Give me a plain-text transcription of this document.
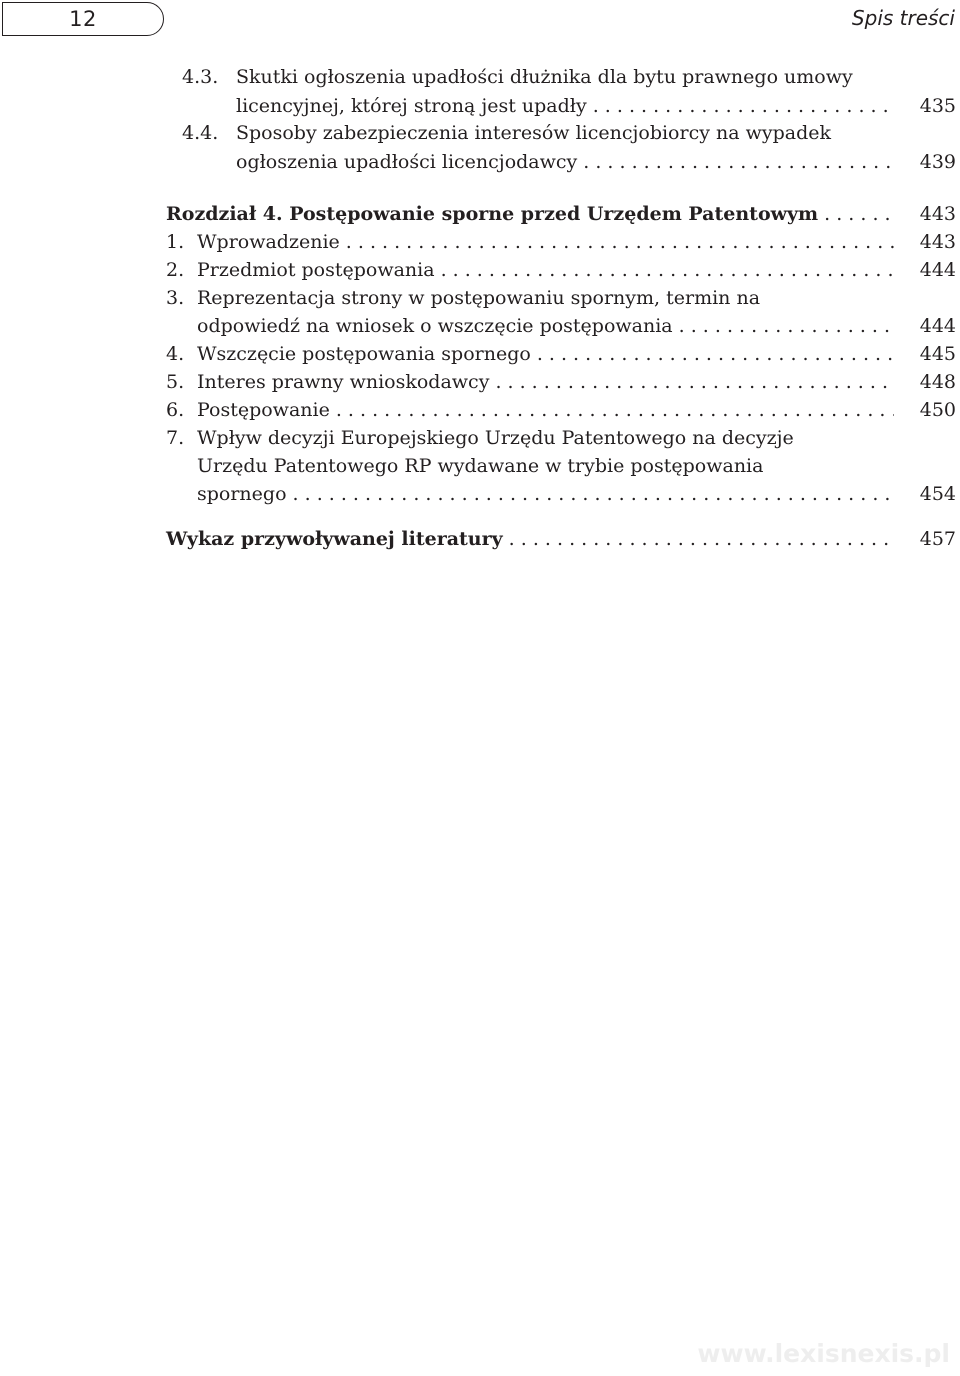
12	Spis treści
4.3. Skutki ogłoszenia upadłości dłużnika dla bytu prawnego umowy
licencyjnej, której stroną jest upadły . . .	435
4.4. Sposoby zabezpieczenia interesów licencjobiorcy na wypadek
ogłoszenia upadłości licencjodawcy . . .	439
Rozdział 4. Postępowanie sporne przed Urzędem Patentowym . . .	443
1. Wprowadzenie . . .	443
2. Przedmiot postępowania . . .	444
3. Reprezentacja strony w postępowaniu spornym, termin na
odpowiedź na wniosek o wszczęcie postępowania . . .	444
4. Wszczęcie postępowania spornego . . .	445
5. Interes prawny wnioskodawcy . . .	448
6. Postępowanie . . .	450
7. Wpływ decyzji Europejskiego Urzędu Patentowego na decyzje
Urzędu Patentowego RP wydawane w trybie postępowania
spornego . . .	454
Wykaz przywoływanej literatury . . .	457
www.lexisnexis.pl
